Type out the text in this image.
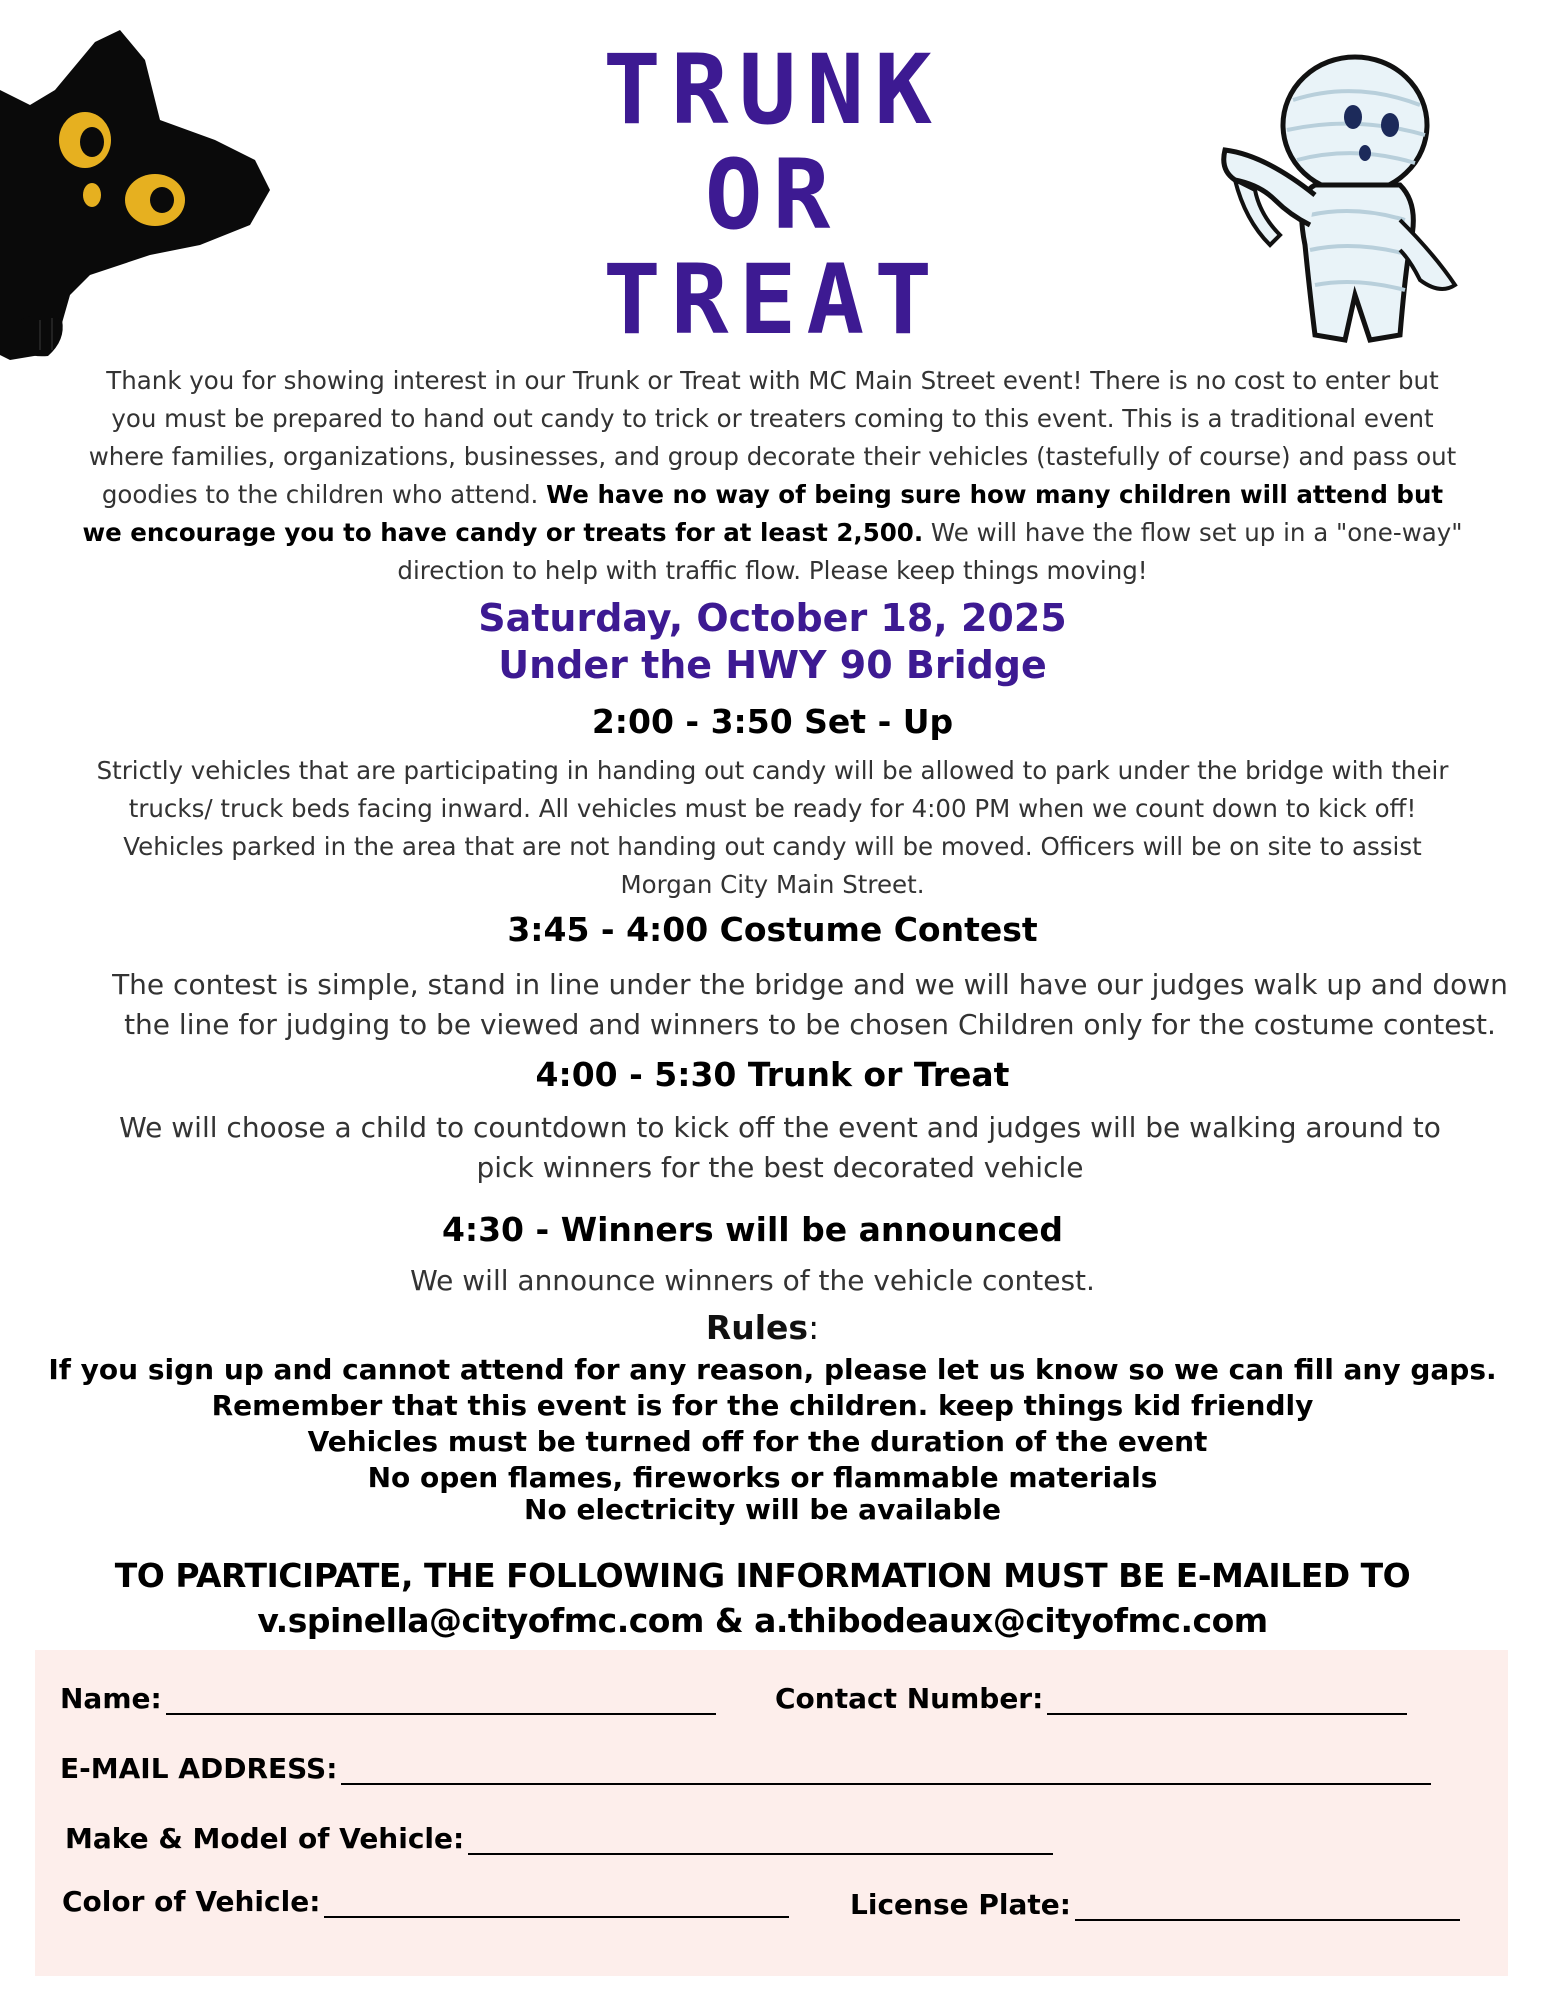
TRUNK
OR
TREAT
Thank you for showing interest in our Trunk or Treat with MC Main Street event! There is no cost to enter but you must be prepared to hand out candy to trick or treaters coming to this event. This is a traditional event where families, organizations, businesses, and group decorate their vehicles (tastefully of course) and pass out goodies to the children who attend. We have no way of being sure how many children will attend but we encourage you to have candy or treats for at least 2,500. We will have the flow set up in a "one-way" direction to help with traffic flow. Please keep things moving!
Saturday, October 18, 2025
Under the HWY 90 Bridge
2:00 - 3:50 Set - Up
Strictly vehicles that are participating in handing out candy will be allowed to park under the bridge with their trucks/ truck beds facing inward. All vehicles must be ready for 4:00 PM when we count down to kick off! Vehicles parked in the area that are not handing out candy will be moved. Officers will be on site to assist Morgan City Main Street.
3:45 - 4:00 Costume Contest
The contest is simple, stand in line under the bridge and we will have our judges walk up and down the line for judging to be viewed and winners to be chosen Children only for the costume contest.
4:00 - 5:30 Trunk or Treat
We will choose a child to countdown to kick off the event and judges will be walking around to pick winners for the best decorated vehicle
4:30 - Winners will be announced
We will announce winners of the vehicle contest.
Rules:
If you sign up and cannot attend for any reason, please let us know so we can fill any gaps.
Remember that this event is for the children. keep things kid friendly
Vehicles must be turned off for the duration of the event
No open flames, fireworks or flammable materials
No electricity will be available
TO PARTICIPATE, THE FOLLOWING INFORMATION MUST BE E-MAILED TO
v.spinella@cityofmc.com & a.thibodeaux@cityofmc.com
Name:	Contact Number:
E-MAIL ADDRESS:
Make & Model of Vehicle:
Color of Vehicle:	License Plate:
